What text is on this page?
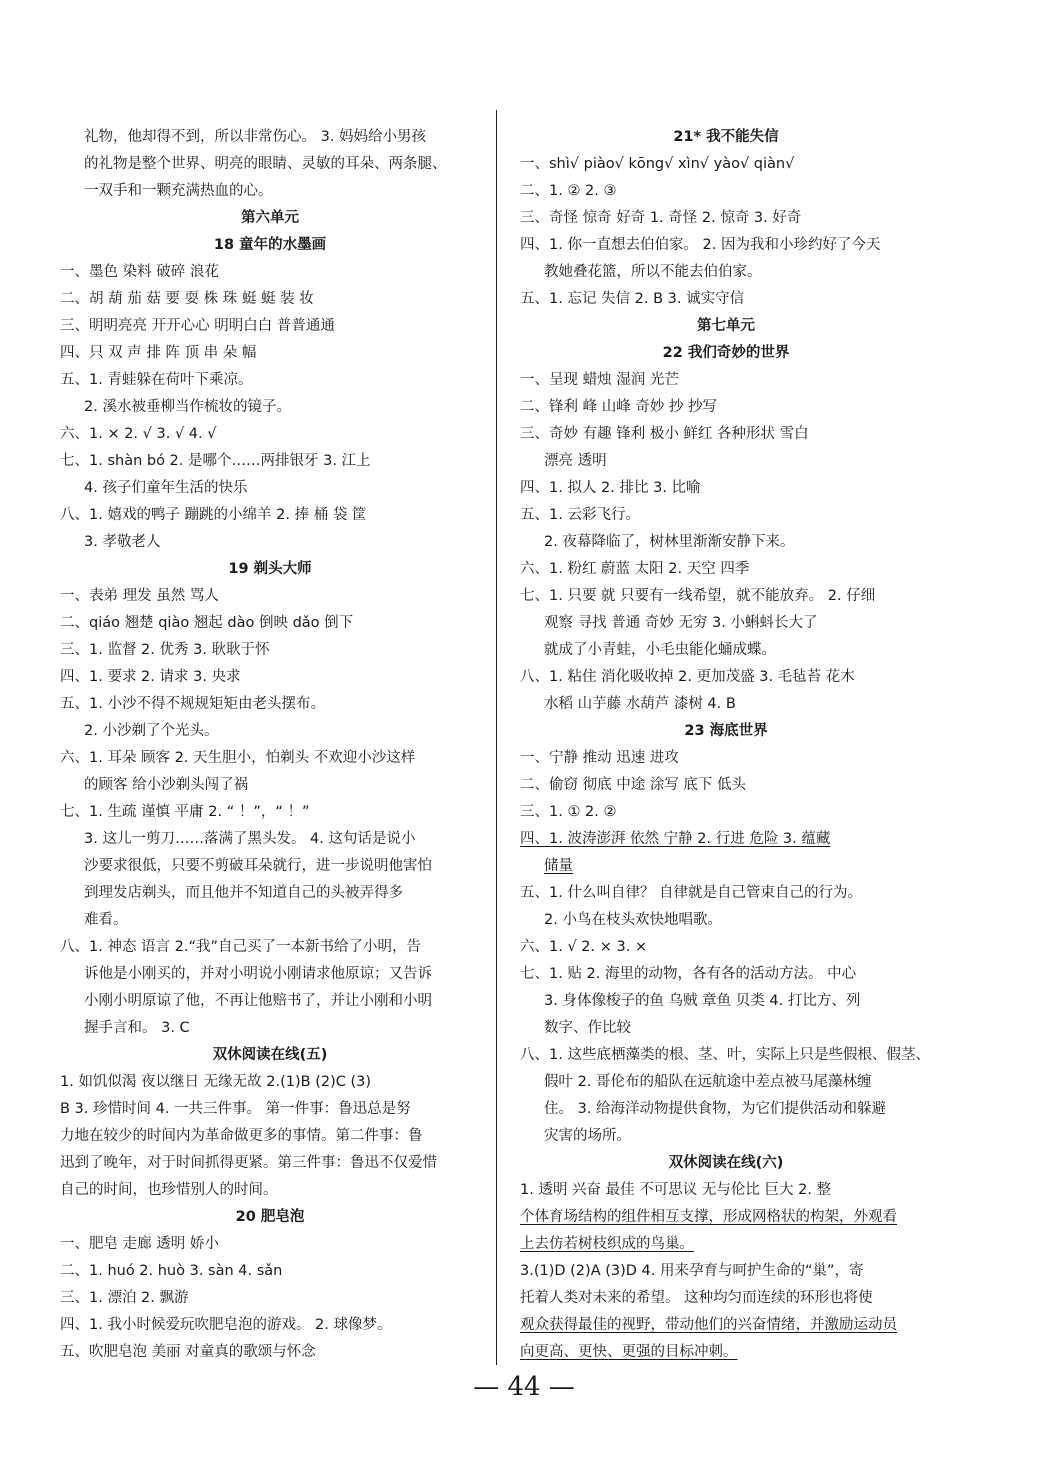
礼物，他却得不到，所以非常伤心。 3. 妈妈给小男孩
的礼物是整个世界、明亮的眼睛、灵敏的耳朵、两条腿、
一双手和一颗充满热血的心。
第六单元
18 童年的水墨画
一、墨色 染料 破碎 浪花
二、胡 葫 茄 菇 要 耍 株 珠 蜓 蜓 装 妆
三、明明亮亮 开开心心 明明白白 普普通通
四、只 双 声 排 阵 顶 串 朵 幅
五、1. 青蛙躲在荷叶下乘凉。
2. 溪水被垂柳当作梳妆的镜子。
六、1. × 2. √ 3. √ 4. √
七、1. shàn bó 2. 是哪个……两排银牙 3. 江上
4. 孩子们童年生活的快乐
八、1. 嬉戏的鸭子 蹦跳的小绵羊 2. 捧 桶 袋 筐
3. 孝敬老人
19 剃头大师
一、表弟 理发 虽然 骂人
二、qiáo 翘楚 qiào 翘起 dào 倒映 dǎo 倒下
三、1. 监督 2. 优秀 3. 耿耿于怀
四、1. 要求 2. 请求 3. 央求
五、1. 小沙不得不规规矩矩由老头摆布。
2. 小沙剃了个光头。
六、1. 耳朵 顾客 2. 天生胆小，怕剃头 不欢迎小沙这样
的顾客 给小沙剃头闯了祸
七、1. 生疏 谨慎 平庸 2. “ ！”，“ ！”
3. 这儿一剪刀……落满了黑头发。 4. 这句话是说小
沙要求很低，只要不剪破耳朵就行，进一步说明他害怕
到理发店剃头，而且他并不知道自己的头被弄得多
难看。
八、1. 神态 语言 2.“我”自己买了一本新书给了小明，告
诉他是小刚买的，并对小明说小刚请求他原谅；又告诉
小刚小明原谅了他，不再让他赔书了，并让小刚和小明
握手言和。 3. C
双休阅读在线(五)
1. 如饥似渴 夜以继日 无缘无故 2.(1)B (2)C (3)
B 3. 珍惜时间 4. 一共三件事。 第一件事：鲁迅总是努
力地在较少的时间内为革命做更多的事情。第二件事：鲁
迅到了晚年，对于时间抓得更紧。第三件事：鲁迅不仅爱惜
自己的时间，也珍惜别人的时间。
20 肥皂泡
一、肥皂 走廊 透明 娇小
二、1. huó 2. huò 3. sàn 4. sǎn
三、1. 漂泊 2. 飘游
四、1. 我小时候爱玩吹肥皂泡的游戏。 2. 球像梦。
五、吹肥皂泡 美丽 对童真的歌颂与怀念
21* 我不能失信
一、shì√ piào√ kōng√ xìn√ yào√ qiàn√
二、1. ② 2. ③
三、奇怪 惊奇 好奇 1. 奇怪 2. 惊奇 3. 好奇
四、1. 你一直想去伯伯家。 2. 因为我和小珍约好了今天
教她叠花篮，所以不能去伯伯家。
五、1. 忘记 失信 2. B 3. 诚实守信
第七单元
22 我们奇妙的世界
一、呈现 蜡烛 湿润 光芒
二、锋利 峰 山峰 奇妙 抄 抄写
三、奇妙 有趣 锋利 极小 鲜红 各种形状 雪白
漂亮 透明
四、1. 拟人 2. 排比 3. 比喻
五、1. 云彩飞行。
2. 夜幕降临了，树林里渐渐安静下来。
六、1. 粉红 蔚蓝 太阳 2. 天空 四季
七、1. 只要 就 只要有一线希望，就不能放弃。 2. 仔细
观察 寻找 普通 奇妙 无穷 3. 小蝌蚪长大了
就成了小青蛙，小毛虫能化蛹成蝶。
八、1. 粘住 消化吸收掉 2. 更加茂盛 3. 毛毡苔 花木
水稻 山芋藤 水葫芦 漆树 4. B
23 海底世界
一、宁静 推动 迅速 进攻
二、偷窃 彻底 中途 涂写 底下 低头
三、1. ① 2. ②
四、1. 波涛澎湃 依然 宁静 2. 行进 危险 3. 蕴藏
储量
五、1. 什么叫自律？ 自律就是自己管束自己的行为。
2. 小鸟在枝头欢快地唱歌。
六、1. √ 2. × 3. ×
七、1. 贴 2. 海里的动物，各有各的活动方法。 中心
3. 身体像梭子的鱼 乌贼 章鱼 贝类 4. 打比方、列
数字、作比较
八、1. 这些底栖藻类的根、茎、叶，实际上只是些假根、假茎、
假叶 2. 哥伦布的船队在远航途中差点被马尾藻林缠
住。 3. 给海洋动物提供食物，为它们提供活动和躲避
灾害的场所。
双休阅读在线(六)
1. 透明 兴奋 最佳 不可思议 无与伦比 巨大 2. 整
个体育场结构的组件相互支撑，形成网格状的构架，外观看
上去仿若树枝织成的鸟巢。
3.(1)D (2)A (3)D 4. 用来孕育与呵护生命的“巢”，寄
托着人类对未来的希望。 这种均匀而连续的环形也将使
观众获得最佳的视野，带动他们的兴奋情绪，并激励运动员
向更高、更快、更强的目标冲刺。
— 44 —
